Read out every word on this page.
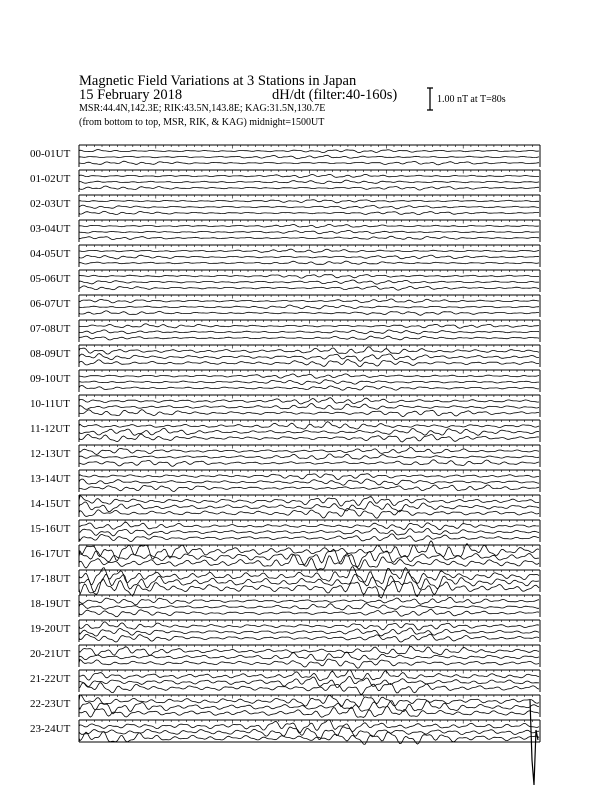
Magnetic Field Variations at 3 Stations in Japan
15 February 2018	dH/dt (filter:40-160s)
MSR:44.4N,142.3E; RIK:43.5N,143.8E; KAG:31.5N,130.7E
(from bottom to top, MSR, RIK, & KAG) midnight=1500UT
1.00 nT at T=80s
00-01UT
01-02UT
02-03UT
03-04UT
04-05UT
05-06UT
06-07UT
07-08UT
08-09UT
09-10UT
10-11UT
11-12UT
12-13UT
13-14UT
14-15UT
15-16UT
16-17UT
17-18UT
18-19UT
19-20UT
20-21UT
21-22UT
22-23UT
23-24UT
